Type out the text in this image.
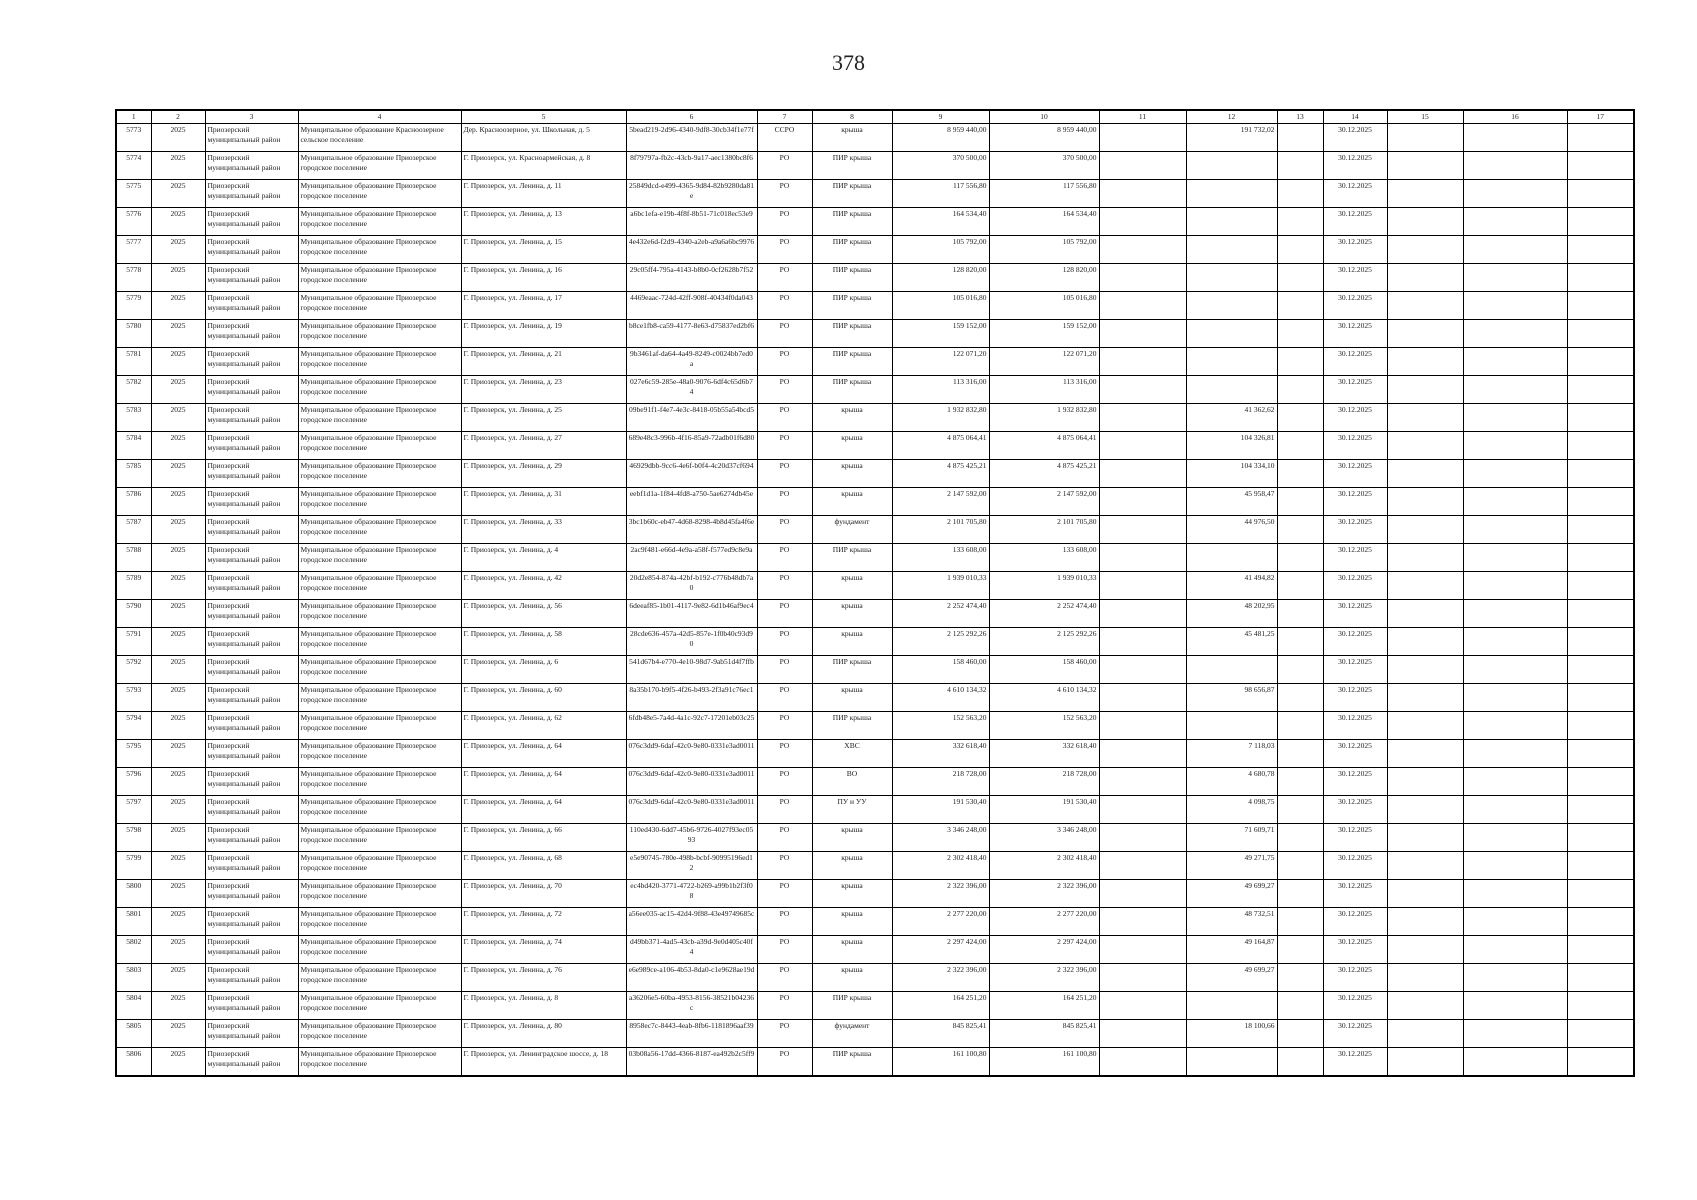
378
1	2	3	4	5	6	7	8	9	10	11	12	13	14	15	16	17
5773	2025	Приозерский муниципальный район	Муниципальное образование Красноозерное сельское поселение	Дер. Красноозерное, ул. Школьная, д. 5	5bead219-2d96-4340-9df8-30cb34f1e77f	ССРО	крыша	8 959 440,00	8 959 440,00		191 732,02		30.12.2025			
5774	2025	Приозерский муниципальный район	Муниципальное образование Приозерское городское поселение	Г. Приозерск, ул. Красноармейская, д. 8	8f79797a-fb2c-43cb-9a17-aec1380bc8f6	РО	ПИР крыша	370 500,00	370 500,00				30.12.2025			
5775	2025	Приозерский муниципальный район	Муниципальное образование Приозерское городское поселение	Г. Приозерск, ул. Ленина, д. 11	25849dcd-e499-4365-9d84-82b9280da81e	РО	ПИР крыша	117 556,80	117 556,80				30.12.2025			
5776	2025	Приозерский муниципальный район	Муниципальное образование Приозерское городское поселение	Г. Приозерск, ул. Ленина, д. 13	a6bc1efa-e19b-4f8f-8b51-71c018ec53e9	РО	ПИР крыша	164 534,40	164 534,40				30.12.2025			
5777	2025	Приозерский муниципальный район	Муниципальное образование Приозерское городское поселение	Г. Приозерск, ул. Ленина, д. 15	4e432e6d-f2d9-4340-a2eb-a9a6a6bc9976	РО	ПИР крыша	105 792,00	105 792,00				30.12.2025			
5778	2025	Приозерский муниципальный район	Муниципальное образование Приозерское городское поселение	Г. Приозерск, ул. Ленина, д. 16	29c05ff4-795a-4143-b8b0-0cf2628b7f52	РО	ПИР крыша	128 820,00	128 820,00				30.12.2025			
5779	2025	Приозерский муниципальный район	Муниципальное образование Приозерское городское поселение	Г. Приозерск, ул. Ленина, д. 17	4469eaac-724d-42ff-908f-40434f0da043	РО	ПИР крыша	105 016,80	105 016,80				30.12.2025			
5780	2025	Приозерский муниципальный район	Муниципальное образование Приозерское городское поселение	Г. Приозерск, ул. Ленина, д. 19	b8ce1fb8-ca59-4177-8e63-d75837ed2bf6	РО	ПИР крыша	159 152,00	159 152,00				30.12.2025			
5781	2025	Приозерский муниципальный район	Муниципальное образование Приозерское городское поселение	Г. Приозерск, ул. Ленина, д. 21	9b3461af-da64-4a49-8249-c0024bb7ed0a	РО	ПИР крыша	122 071,20	122 071,20				30.12.2025			
5782	2025	Приозерский муниципальный район	Муниципальное образование Приозерское городское поселение	Г. Приозерск, ул. Ленина, д. 23	027e6c59-285e-48a0-9076-6df4c65d6b74	РО	ПИР крыша	113 316,00	113 316,00				30.12.2025			
5783	2025	Приозерский муниципальный район	Муниципальное образование Приозерское городское поселение	Г. Приозерск, ул. Ленина, д. 25	09be91f1-f4e7-4e3c-8418-05b55a54bcd5	РО	крыша	1 932 832,80	1 932 832,80		41 362,62		30.12.2025			
5784	2025	Приозерский муниципальный район	Муниципальное образование Приозерское городское поселение	Г. Приозерск, ул. Ленина, д. 27	689e48c3-996b-4f16-85a9-72adb01f6d80	РО	крыша	4 875 064,41	4 875 064,41		104 326,81		30.12.2025			
5785	2025	Приозерский муниципальный район	Муниципальное образование Приозерское городское поселение	Г. Приозерск, ул. Ленина, д. 29	46929dbb-9cc6-4e6f-b0f4-4c20d37cf694	РО	крыша	4 875 425,21	4 875 425,21		104 334,10		30.12.2025			
5786	2025	Приозерский муниципальный район	Муниципальное образование Приозерское городское поселение	Г. Приозерск, ул. Ленина, д. 31	eebf1d1a-1f84-4fd8-a750-5ae6274db45e	РО	крыша	2 147 592,00	2 147 592,00		45 958,47		30.12.2025			
5787	2025	Приозерский муниципальный район	Муниципальное образование Приозерское городское поселение	Г. Приозерск, ул. Ленина, д. 33	3bc1b60c-eb47-4d68-8298-4b8d45fa4f6e	РО	фундамент	2 101 705,80	2 101 705,80		44 976,50		30.12.2025			
5788	2025	Приозерский муниципальный район	Муниципальное образование Приозерское городское поселение	Г. Приозерск, ул. Ленина, д. 4	2ac9f481-e66d-4e9a-a58f-f577ed9c8e9a	РО	ПИР крыша	133 608,00	133 608,00				30.12.2025			
5789	2025	Приозерский муниципальный район	Муниципальное образование Приозерское городское поселение	Г. Приозерск, ул. Ленина, д. 42	20d2e854-874a-42bf-b192-c776b48db7a0	РО	крыша	1 939 010,33	1 939 010,33		41 494,82		30.12.2025			
5790	2025	Приозерский муниципальный район	Муниципальное образование Приозерское городское поселение	Г. Приозерск, ул. Ленина, д. 56	6deeaf85-1b01-4117-9e82-6d1b46af9ec4	РО	крыша	2 252 474,40	2 252 474,40		48 202,95		30.12.2025			
5791	2025	Приозерский муниципальный район	Муниципальное образование Приозерское городское поселение	Г. Приозерск, ул. Ленина, д. 58	28cde636-457a-42d5-857e-1f0b40c93d90	РО	крыша	2 125 292,26	2 125 292,26		45 481,25		30.12.2025			
5792	2025	Приозерский муниципальный район	Муниципальное образование Приозерское городское поселение	Г. Приозерск, ул. Ленина, д. 6	541d67b4-e770-4e10-98d7-9ab51d4f7ffb	РО	ПИР крыша	158 460,00	158 460,00				30.12.2025			
5793	2025	Приозерский муниципальный район	Муниципальное образование Приозерское городское поселение	Г. Приозерск, ул. Ленина, д. 60	8a35b170-b9f5-4f26-b493-2f3a91c76ec1	РО	крыша	4 610 134,32	4 610 134,32		98 656,87		30.12.2025			
5794	2025	Приозерский муниципальный район	Муниципальное образование Приозерское городское поселение	Г. Приозерск, ул. Ленина, д. 62	6fdb48e5-7a4d-4a1c-92c7-17201eb03c25	РО	ПИР крыша	152 563,20	152 563,20				30.12.2025			
5795	2025	Приозерский муниципальный район	Муниципальное образование Приозерское городское поселение	Г. Приозерск, ул. Ленина, д. 64	076c3dd9-6daf-42c0-9e80-0331e3ad0011	РО	ХВС	332 618,40	332 618,40		7 118,03		30.12.2025			
5796	2025	Приозерский муниципальный район	Муниципальное образование Приозерское городское поселение	Г. Приозерск, ул. Ленина, д. 64	076c3dd9-6daf-42c0-9e80-0331e3ad0011	РО	ВО	218 728,00	218 728,00		4 680,78		30.12.2025			
5797	2025	Приозерский муниципальный район	Муниципальное образование Приозерское городское поселение	Г. Приозерск, ул. Ленина, д. 64	076c3dd9-6daf-42c0-9e80-0331e3ad0011	РО	ПУ и УУ	191 530,40	191 530,40		4 098,75		30.12.2025			
5798	2025	Приозерский муниципальный район	Муниципальное образование Приозерское городское поселение	Г. Приозерск, ул. Ленина, д. 66	110ed430-6dd7-45b6-9726-4027f93ec0593	РО	крыша	3 346 248,00	3 346 248,00		71 609,71		30.12.2025			
5799	2025	Приозерский муниципальный район	Муниципальное образование Приозерское городское поселение	Г. Приозерск, ул. Ленина, д. 68	e5e90745-780e-498b-bcbf-90995196ed12	РО	крыша	2 302 418,40	2 302 418,40		49 271,75		30.12.2025			
5800	2025	Приозерский муниципальный район	Муниципальное образование Приозерское городское поселение	Г. Приозерск, ул. Ленина, д. 70	ec4bd420-3771-4722-b269-a99b1b2f3f08	РО	крыша	2 322 396,00	2 322 396,00		49 699,27		30.12.2025			
5801	2025	Приозерский муниципальный район	Муниципальное образование Приозерское городское поселение	Г. Приозерск, ул. Ленина, д. 72	a56ee035-ac15-42d4-9f88-43e49749685c	РО	крыша	2 277 220,00	2 277 220,00		48 732,51		30.12.2025			
5802	2025	Приозерский муниципальный район	Муниципальное образование Приозерское городское поселение	Г. Приозерск, ул. Ленина, д. 74	d49bb371-4ad5-43cb-a39d-9e0d405c40f4	РО	крыша	2 297 424,00	2 297 424,00		49 164,87		30.12.2025			
5803	2025	Приозерский муниципальный район	Муниципальное образование Приозерское городское поселение	Г. Приозерск, ул. Ленина, д. 76	e6e989ce-a106-4b53-8da0-c1e9628ae19d	РО	крыша	2 322 396,00	2 322 396,00		49 699,27		30.12.2025			
5804	2025	Приозерский муниципальный район	Муниципальное образование Приозерское городское поселение	Г. Приозерск, ул. Ленина, д. 8	a36206e5-60ba-4953-8156-38521b04236c	РО	ПИР крыша	164 251,20	164 251,20				30.12.2025			
5805	2025	Приозерский муниципальный район	Муниципальное образование Приозерское городское поселение	Г. Приозерск, ул. Ленина, д. 80	8958ec7c-8443-4eab-8fb6-1181896aaf39	РО	фундамент	845 825,41	845 825,41		18 100,66		30.12.2025			
5806	2025	Приозерский муниципальный район	Муниципальное образование Приозерское городское поселение	Г. Приозерск, ул. Ленинградское шоссе, д. 18	03b08a56-17dd-4366-8187-ea492b2c5ff9	РО	ПИР крыша	161 100,80	161 100,80				30.12.2025			
